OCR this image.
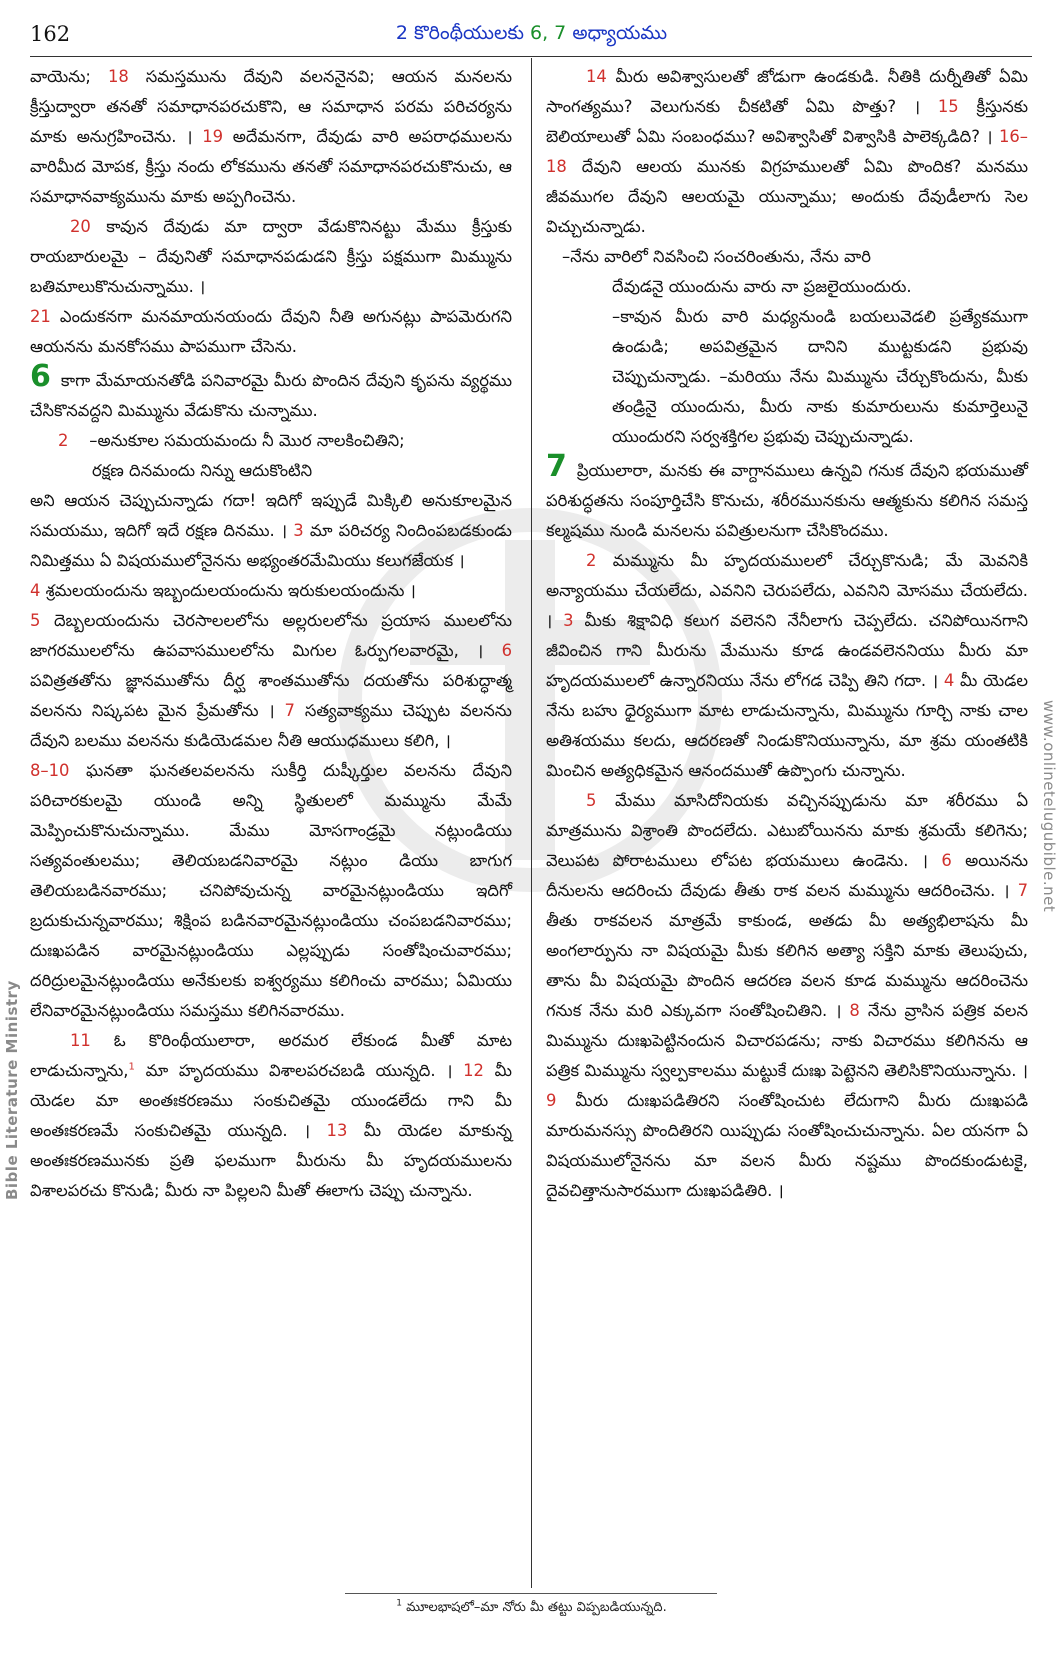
162	2 కొరింథీయులకు 6, 7 అధ్యాయము

వాయెను; 18 సమస్తమును దేవుని వలననైనవి; ఆయన మనలను క్రీస్తుద్వారా తనతో సమాధానపరచుకొని, ఆ సమాధాన పరమ పరిచర్యను మాకు అనుగ్రహించెను. । 19 అదేమనగా, దేవుడు వారి అపరాధములను వారిమీద మోపక, క్రీస్తు నందు లోకమును తనతో సమాధానపరచుకొనుచు, ఆ సమాధానవాక్యమును మాకు అప్పగించెను.

20 కావున దేవుడు మా ద్వారా వేడుకొనినట్టు మేము క్రీస్తుకు రాయబారులమై – దేవునితో సమాధానపడుడని క్రీస్తు పక్షముగా మిమ్మును బతిమాలుకొనుచున్నాము. ।
21 ఎందుకనగా మనమాయనయందు దేవుని నీతి అగునట్లు పాపమెరుగని ఆయనను మనకోసము పాపముగా చేసెను.

6 కాగా మేమాయనతోడి పనివారమై మీరు పొందిన దేవుని కృపను వ్యర్థము చేసికొనవద్దని మిమ్మును వేడుకొను చున్నాము.

2 –అనుకూల సమయమందు నీ మొర నాలకించితిని;

రక్షణ దినమందు నిన్ను ఆదుకొంటిని

అని ఆయన చెప్పుచున్నాడు గదా! ఇదిగో ఇప్పుడే మిక్కిలి అనుకూలమైన సమయము, ఇదిగో ఇదే రక్షణ దినము. । 3 మా పరిచర్య నిందింపబడకుండు నిమిత్తము ఏ విషయములోనైనను అభ్యంతరమేమియు కలుగజేయక ।
4 శ్రమలయందును ఇబ్బందులయందును ఇరుకులయందును ।
5 దెబ్బలయందును చెరసాలలలోను అల్లరులలోను ప్రయాస ములలోను జాగరములలోను ఉపవాసములలోను మిగుల ఓర్పుగలవారమై, । 6 పవిత్రతతోను జ్ఞానముతోను దీర్ఘ శాంతముతోను దయతోను పరిశుద్ధాత్మ వలనను నిష్కపట మైన ప్రేమతోను । 7 సత్యవాక్యము చెప్పుట వలనను దేవుని బలము వలనను కుడియెడమల నీతి ఆయుధములు కలిగి, ।
8–10 ఘనతా ఘనతలవలనను సుకీర్తి దుష్కీర్తుల వలనను దేవుని పరిచారకులమై యుండి అన్ని స్థితులలో మమ్మును మేమే మెప్పించుకొనుచున్నాము. మేము మోసగాండ్రమై నట్లుండియు సత్యవంతులము; తెలియబడనివారమై నట్లుం డియు బాగుగ తెలియబడినవారము; చనిపోవుచున్న వారమైనట్లుండియు ఇదిగో బ్రదుకుచున్నవారము; శిక్షింప బడినవారమైనట్లుండియు చంపబడనివారము; దుఃఖపడిన వారమైనట్లుండియు ఎల్లప్పుడు సంతోషించువారము; దరిద్రులమైనట్లుండియు అనేకులకు ఐశ్వర్యము కలిగించు వారము; ఏమియు లేనివారమైనట్లుండియు సమస్తము కలిగినవారము.

11 ఓ కొరింథీయులారా, అరమర లేకుండ మీతో మాట లాడుచున్నాను,$^1$ మా హృదయము విశాలపరచబడి యున్నది. । 12 మీ యెడల మా అంతఃకరణము సంకుచితమై యుండలేదు గాని మీ అంతఃకరణమే సంకుచితమై యున్నది. । 13 మీ యెడల మాకున్న అంతఃకరణమునకు ప్రతి ఫలముగా మీరును మీ హృదయములను విశాలపరచు కొనుడి; మీరు నా పిల్లలని మీతో ఈలాగు చెప్పు చున్నాను.

14 మీరు అవిశ్వాసులతో జోడుగా ఉండకుడి. నీతికి దుర్నీతితో ఏమి సాంగత్యము? వెలుగునకు చీకటితో ఏమి పొత్తు? । 15 క్రీస్తునకు బెలియాలుతో ఏమి సంబంధము? అవిశ్వాసితో విశ్వాసికి పాలెక్కడిది? । 16–18 దేవుని ఆలయ మునకు విగ్రహములతో ఏమి పొందిక? మనము జీవముగల దేవుని ఆలయమై యున్నాము; అందుకు దేవుడీలాగు సెల విచ్చుచున్నాడు.

–నేను వారిలో నివసించి సంచరింతును, నేను వారి

దేవుడనై యుందును వారు నా ప్రజలైయుందురు.

–కావున మీరు వారి మధ్యనుండి బయలువెడలి ప్రత్యేకముగా ఉండుడి; అపవిత్రమైన దానిని ముట్టకుడని ప్రభువు చెప్పుచున్నాడు. –మరియు నేను మిమ్మును చేర్చుకొందును, మీకు తండ్రినై యుందును, మీరు నాకు కుమారులును కుమార్తెలునై యుందురని సర్వశక్తిగల ప్రభువు చెప్పుచున్నాడు.

7 ప్రియులారా, మనకు ఈ వాగ్దానములు ఉన్నవి గనుక దేవుని భయముతో పరిశుద్ధతను సంపూర్తిచేసి కొనుచు, శరీరమునకును ఆత్మకును కలిగిన సమస్త కల్మషము నుండి మనలను పవిత్రులనుగా చేసికొందము.

2 మమ్మును మీ హృదయములలో చేర్చుకొనుడి; మే మెవనికి అన్యాయము చేయలేదు, ఎవనిని చెరుపలేదు, ఎవనిని మోసము చేయలేదు. । 3 మీకు శిక్షావిధి కలుగ వలెనని నేనీలాగు చెప్పలేదు. చనిపోయినగాని జీవించిన గాని మీరును మేమును కూడ ఉండవలెననియు మీరు మా హృదయములలో ఉన్నారనియు నేను లోగడ చెప్పి తిని గదా. । 4 మీ యెడల నేను బహు ధైర్యముగా మాట లాడుచున్నాను, మిమ్మును గూర్చి నాకు చాల అతిశయము కలదు, ఆదరణతో నిండుకొనియున్నాను, మా శ్రమ యంతటికి మించిన అత్యధికమైన ఆనందముతో ఉప్పొంగు చున్నాను.

5 మేము మాసిదోనియకు వచ్చినప్పుడును మా శరీరము ఏ మాత్రమును విశ్రాంతి పొందలేదు. ఎటుబోయినను మాకు శ్రమయే కలిగెను; వెలుపట పోరాటములు లోపట భయములు ఉండెను. । 6 అయినను దీనులను ఆదరించు దేవుడు తీతు రాక వలన మమ్మును ఆదరించెను. । 7 తీతు రాకవలన మాత్రమే కాకుండ, అతడు మీ అత్యభిలాషను మీ అంగలార్పును నా విషయమై మీకు కలిగిన అత్యా సక్తిని మాకు తెలుపుచు, తాను మీ విషయమై పొందిన ఆదరణ వలన కూడ మమ్మును ఆదరించెను గనుక నేను మరి ఎక్కువగా సంతోషించితిని. । 8 నేను వ్రాసిన పత్రిక వలన మిమ్మును దుఃఖపెట్టినందున విచారపడను; నాకు విచారము కలిగినను ఆ పత్రిక మిమ్మును స్వల్పకాలము మట్టుకే దుఃఖ పెట్టెనని తెలిసికొనియున్నాను. । 9 మీరు దుఃఖపడితిరని సంతోషించుట లేదుగాని మీరు దుఃఖపడి మారుమనస్సు పొందితిరని యిప్పుడు సంతోషించుచున్నాను. ఏల యనగా ఏ విషయములోనైనను మా వలన మీరు నష్టము పొందకుండుటకై, దైవచిత్తానుసారముగా దుఃఖపడితిరి. ।

Bible Literature Ministry
www.onlinetelugubible.net
$^1$ మూలభాషలో–మా నోరు మీ తట్టు విప్పబడియున్నది.
